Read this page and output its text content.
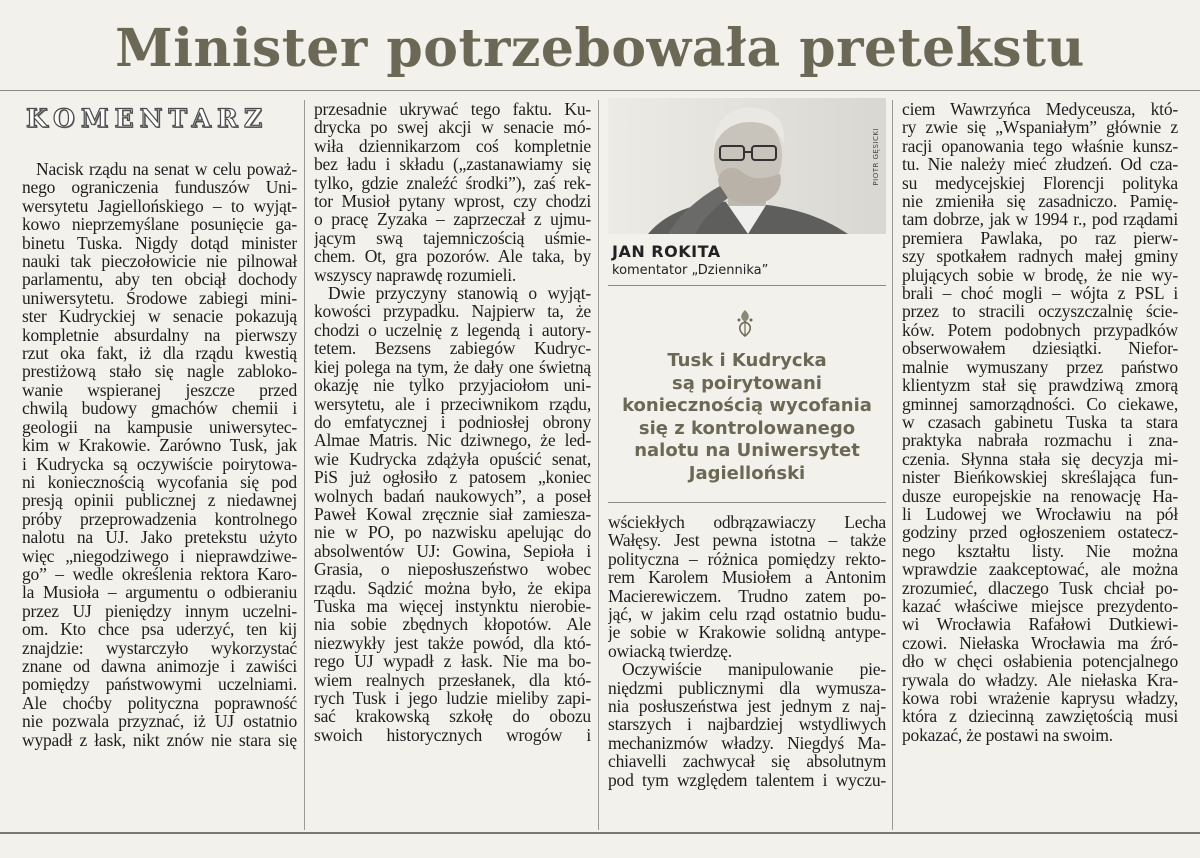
Minister potrzebowała pretekstu
KOMENTARZ
Nacisk rządu na senat w celu poważ-
nego ograniczenia funduszów Uni-
wersytetu Jagiellońskiego – to wyjąt-
kowo nieprzemyślane posunięcie ga-
binetu Tuska. Nigdy dotąd minister
nauki tak pieczołowicie nie pilnował
parlamentu, aby ten obciął dochody
uniwersytetu. Środowe zabiegi mini-
ster Kudryckiej w senacie pokazują
kompletnie absurdalny na pierwszy
rzut oka fakt, iż dla rządu kwestią
prestiżową stało się nagle zabloko-
wanie wspieranej jeszcze przed
chwilą budowy gmachów chemii i
geologii na kampusie uniwersytec-
kim w Krakowie. Zarówno Tusk, jak
i Kudrycka są oczywiście poirytowa-
ni koniecznością wycofania się pod
presją opinii publicznej z niedawnej
próby przeprowadzenia kontrolnego
nalotu na UJ. Jako pretekstu użyto
więc „niegodziwego i nieprawdziwe-
go” – wedle określenia rektora Karo-
la Musioła – argumentu o odbieraniu
przez UJ pieniędzy innym uczelni-
om. Kto chce psa uderzyć, ten kij
znajdzie: wystarczyło wykorzystać
znane od dawna animozje i zawiści
pomiędzy państwowymi uczelniami.
Ale choćby polityczna poprawność
nie pozwala przyznać, iż UJ ostatnio
wypadł z łask, nikt znów nie stara się
przesadnie ukrywać tego faktu. Ku-
drycka po swej akcji w senacie mó-
wiła dziennikarzom coś kompletnie
bez ładu i składu („zastanawiamy się
tylko, gdzie znaleźć środki”), zaś rek-
tor Musioł pytany wprost, czy chodzi
o pracę Zyzaka – zaprzeczał z ujmu-
jącym swą tajemniczością uśmie-
chem. Ot, gra pozorów. Ale taka, by
wszyscy naprawdę rozumieli.
Dwie przyczyny stanowią o wyjąt-
kowości przypadku. Najpierw ta, że
chodzi o uczelnię z legendą i autory-
tetem. Bezsens zabiegów Kudryc-
kiej polega na tym, że dały one świetną
okazję nie tylko przyjaciołom uni-
wersytetu, ale i przeciwnikom rządu,
do emfatycznej i podniosłej obrony
Almae Matris. Nic dziwnego, że led-
wie Kudrycka zdążyła opuścić senat,
PiS już ogłosiło z patosem „koniec
wolnych badań naukowych”, a poseł
Paweł Kowal zręcznie siał zamiesza-
nie w PO, po nazwisku apelując do
absolwentów UJ: Gowina, Sepioła i
Grasia, o nieposłuszeństwo wobec
rządu. Sądzić można było, że ekipa
Tuska ma więcej instynktu nierobie-
nia sobie zbędnych kłopotów. Ale
niezwykły jest także powód, dla któ-
rego UJ wypadł z łask. Nie ma bo-
wiem realnych przesłanek, dla któ-
rych Tusk i jego ludzie mieliby zapi-
sać krakowską szkołę do obozu
swoich historycznych wrogów i
PIOTR GĘSICKI
JAN ROKITA
komentator „Dziennika”
Tusk i Kudrycka
są poirytowani
koniecznością wycofania
się z kontrolowanego
nalotu na Uniwersytet
Jagielloński
wściekłych odbrązawiaczy Lecha
Wałęsy. Jest pewna istotna – także
polityczna – różnica pomiędzy rekto-
rem Karolem Musiołem a Antonim
Macierewiczem. Trudno zatem po-
jąć, w jakim celu rząd ostatnio budu-
je sobie w Krakowie solidną antype-
owiacką twierdzę.
Oczywiście manipulowanie pie-
niędzmi publicznymi dla wymusza-
nia posłuszeństwa jest jednym z naj-
starszych i najbardziej wstydliwych
mechanizmów władzy. Niegdyś Ma-
chiavelli zachwycał się absolutnym
pod tym względem talentem i wyczu-
ciem Wawrzyńca Medyceusza, któ-
ry zwie się „Wspaniałym” głównie z
racji opanowania tego właśnie kunsz-
tu. Nie należy mieć złudzeń. Od cza-
su medycejskiej Florencji polityka
nie zmieniła się zasadniczo. Pamię-
tam dobrze, jak w 1994 r., pod rządami
premiera Pawlaka, po raz pierw-
szy spotkałem radnych małej gminy
plujących sobie w brodę, że nie wy-
brali – choć mogli – wójta z PSL i
przez to stracili oczyszczalnię ście-
ków. Potem podobnych przypadków
obserwowałem dziesiątki. Niefor-
malnie wymuszany przez państwo
klientyzm stał się prawdziwą zmorą
gminnej samorządności. Co ciekawe,
w czasach gabinetu Tuska ta stara
praktyka nabrała rozmachu i zna-
czenia. Słynna stała się decyzja mi-
nister Bieńkowskiej skreślająca fun-
dusze europejskie na renowację Ha-
li Ludowej we Wrocławiu na pół
godziny przed ogłoszeniem ostatecz-
nego kształtu listy. Nie można
wprawdzie zaakceptować, ale można
zrozumieć, dlaczego Tusk chciał po-
kazać właściwe miejsce prezydento-
wi Wrocławia Rafałowi Dutkiewi-
czowi. Niełaska Wrocławia ma źró-
dło w chęci osłabienia potencjalnego
rywala do władzy. Ale niełaska Kra-
kowa robi wrażenie kaprysu władzy,
która z dziecinną zawziętością musi
pokazać, że postawi na swoim.
